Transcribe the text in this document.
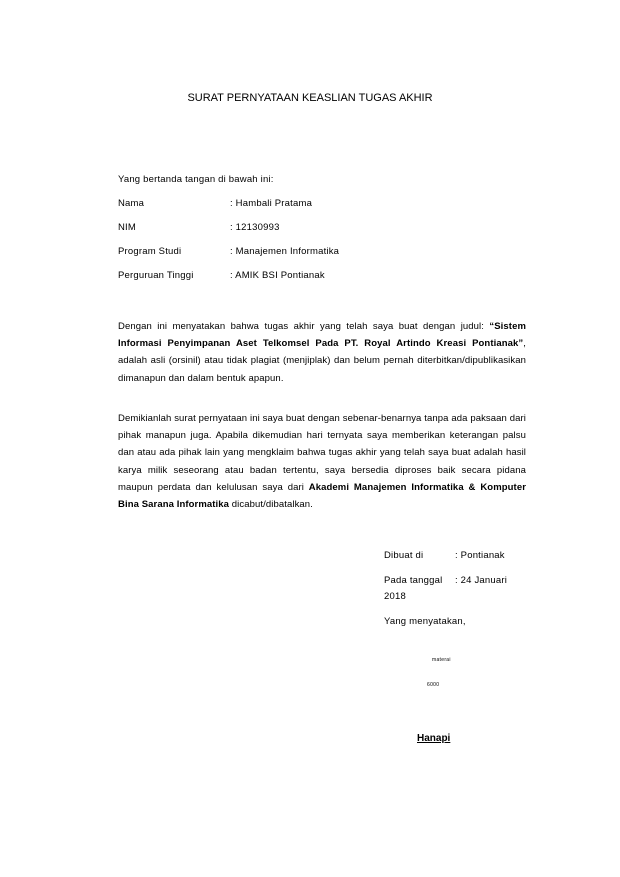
SURAT PERNYATAAN KEASLIAN TUGAS AKHIR
Yang bertanda tangan di bawah ini:
Nama	: Hambali Pratama
NIM	: 12130993
Program Studi	: Manajemen Informatika
Perguruan Tinggi	: AMIK BSI Pontianak
Dengan ini menyatakan bahwa tugas akhir yang telah saya buat dengan judul: “Sistem Informasi Penyimpanan Aset Telkomsel Pada PT. Royal Artindo Kreasi Pontianak”, adalah asli (orsinil) atau tidak plagiat (menjiplak) dan belum pernah diterbitkan/dipublikasikan dimanapun dan dalam bentuk apapun.
Demikianlah surat pernyataan ini saya buat dengan sebenar-benarnya tanpa ada paksaan dari pihak manapun juga. Apabila dikemudian hari ternyata saya memberikan keterangan palsu dan atau ada pihak lain yang mengklaim bahwa tugas akhir yang telah saya buat adalah hasil karya milik seseorang atau badan tertentu, saya bersedia diproses baik secara pidana maupun perdata dan kelulusan saya dari Akademi Manajemen Informatika & Komputer Bina Sarana Informatika dicabut/dibatalkan.
Dibuat di	: Pontianak
Pada tanggal : 24 Januari
2018
Yang menyatakan,
materai
6000
Hanapi
